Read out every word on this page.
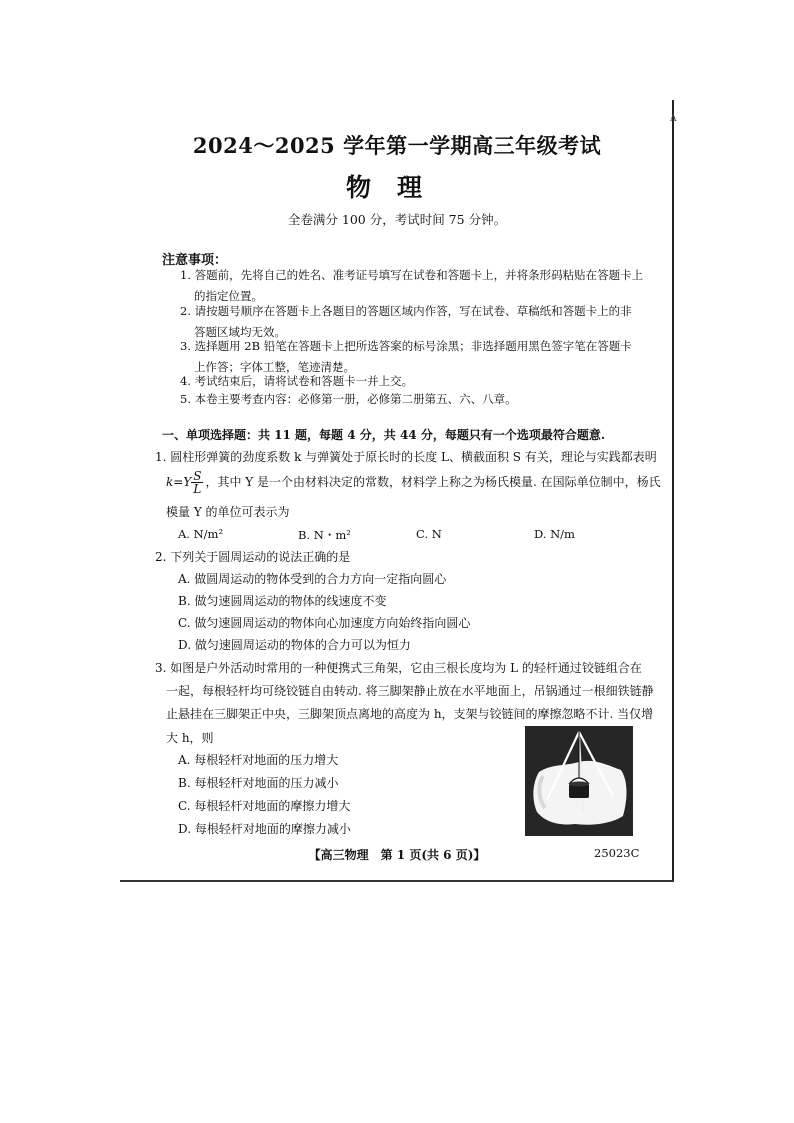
A
2024～2025 学年第一学期高三年级考试
物理
全卷满分 100 分，考试时间 75 分钟。
注意事项：
1. 答题前，先将自己的姓名、准考证号填写在试卷和答题卡上，并将条形码粘贴在答题卡上
的指定位置。
2. 请按题号顺序在答题卡上各题目的答题区域内作答，写在试卷、草稿纸和答题卡上的非
答题区域均无效。
3. 选择题用 2B 铅笔在答题卡上把所选答案的标号涂黑；非选择题用黑色签字笔在答题卡
上作答；字体工整，笔迹清楚。
4. 考试结束后，请将试卷和答题卡一并上交。
5. 本卷主要考查内容：必修第一册，必修第二册第五、六、八章。
一、单项选择题：共 11 题，每题 4 分，共 44 分，每题只有一个选项最符合题意.
1. 圆柱形弹簧的劲度系数 k 与弹簧处于原长时的长度 L、横截面积 S 有关，理论与实践都表明
$k=Y \frac{S}{L}$ ，其中 Y 是一个由材料决定的常数，材料学上称之为杨氏模量. 在国际单位制中，杨氏
模量 Y 的单位可表示为
A. N/m²	B. N・m²	C. N	D. N/m
2. 下列关于圆周运动的说法正确的是
A. 做圆周运动的物体受到的合力方向一定指向圆心
B. 做匀速圆周运动的物体的线速度不变
C. 做匀速圆周运动的物体向心加速度方向始终指向圆心
D. 做匀速圆周运动的物体的合力可以为恒力
3. 如图是户外活动时常用的一种便携式三角架，它由三根长度均为 L 的轻杆通过铰链组合在
一起，每根轻杆均可绕铰链自由转动. 将三脚架静止放在水平地面上，吊锅通过一根细铁链静
止悬挂在三脚架正中央，三脚架顶点离地的高度为 h，支架与铰链间的摩擦忽略不计. 当仅增
大 h，则
A. 每根轻杆对地面的压力增大
B. 每根轻杆对地面的压力减小
C. 每根轻杆对地面的摩擦力增大
D. 每根轻杆对地面的摩擦力减小
【高三物理　第 1 页(共 6 页)】	25023C
